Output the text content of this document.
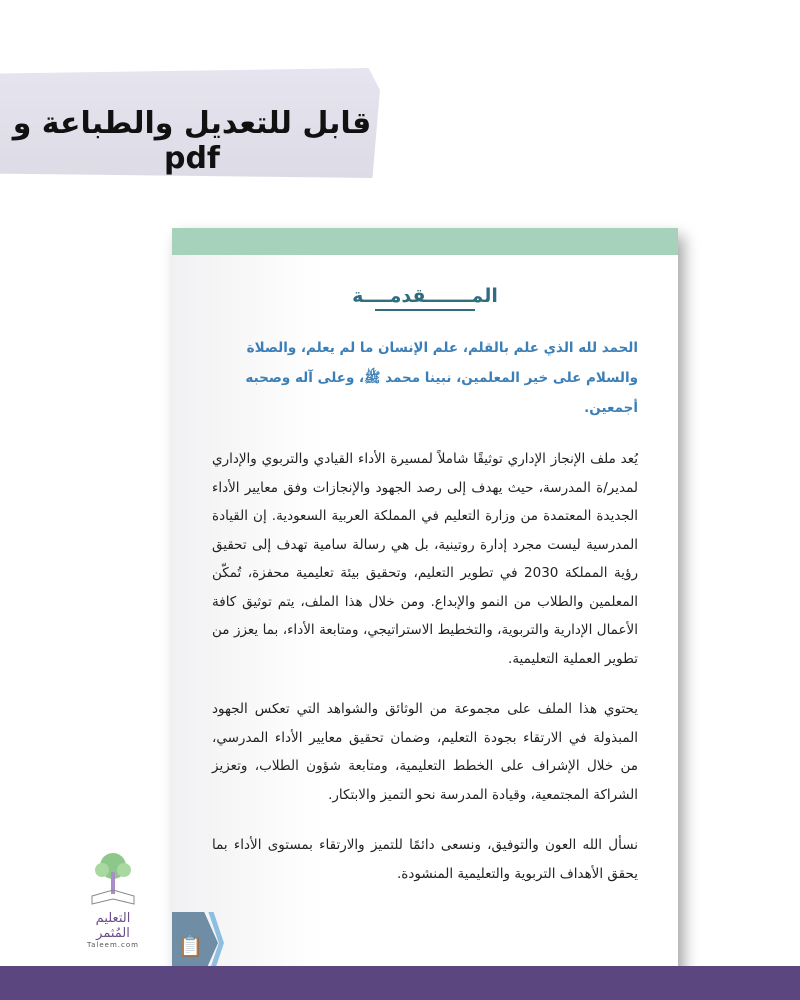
قابل للتعديل والطباعة و pdf
المـــــــقدمــــة

الحمد لله الذي علم بالقلم، علم الإنسان ما لم يعلم، والصلاة والسلام على خير المعلمين، نبينا محمد ﷺ، وعلى آله وصحبه أجمعين.

يُعد ملف الإنجاز الإداري توثيقًا شاملاً لمسيرة الأداء القيادي والتربوي والإداري لمدير/ة المدرسة، حيث يهدف إلى رصد الجهود والإنجازات وفق معايير الأداء الجديدة المعتمدة من وزارة التعليم في المملكة العربية السعودية. إن القيادة المدرسية ليست مجرد إدارة روتينية، بل هي رسالة سامية تهدف إلى تحقيق رؤية المملكة 2030 في تطوير التعليم، وتحقيق بيئة تعليمية محفزة، تُمكّن المعلمين والطلاب من النمو والإبداع. ومن خلال هذا الملف، يتم توثيق كافة الأعمال الإدارية والتربوية، والتخطيط الاستراتيجي، ومتابعة الأداء، بما يعزز من تطوير العملية التعليمية.

يحتوي هذا الملف على مجموعة من الوثائق والشواهد التي تعكس الجهود المبذولة في الارتقاء بجودة التعليم، وضمان تحقيق معايير الأداء المدرسي، من خلال الإشراف على الخطط التعليمية، ومتابعة شؤون الطلاب، وتعزيز الشراكة المجتمعية، وقيادة المدرسة نحو التميز والابتكار.

نسأل الله العون والتوفيق، ونسعى دائمًا للتميز والارتقاء بمستوى الأداء بما يحقق الأهداف التربوية والتعليمية المنشودة.

📋
التعليم المُثمر
Taleem.com
